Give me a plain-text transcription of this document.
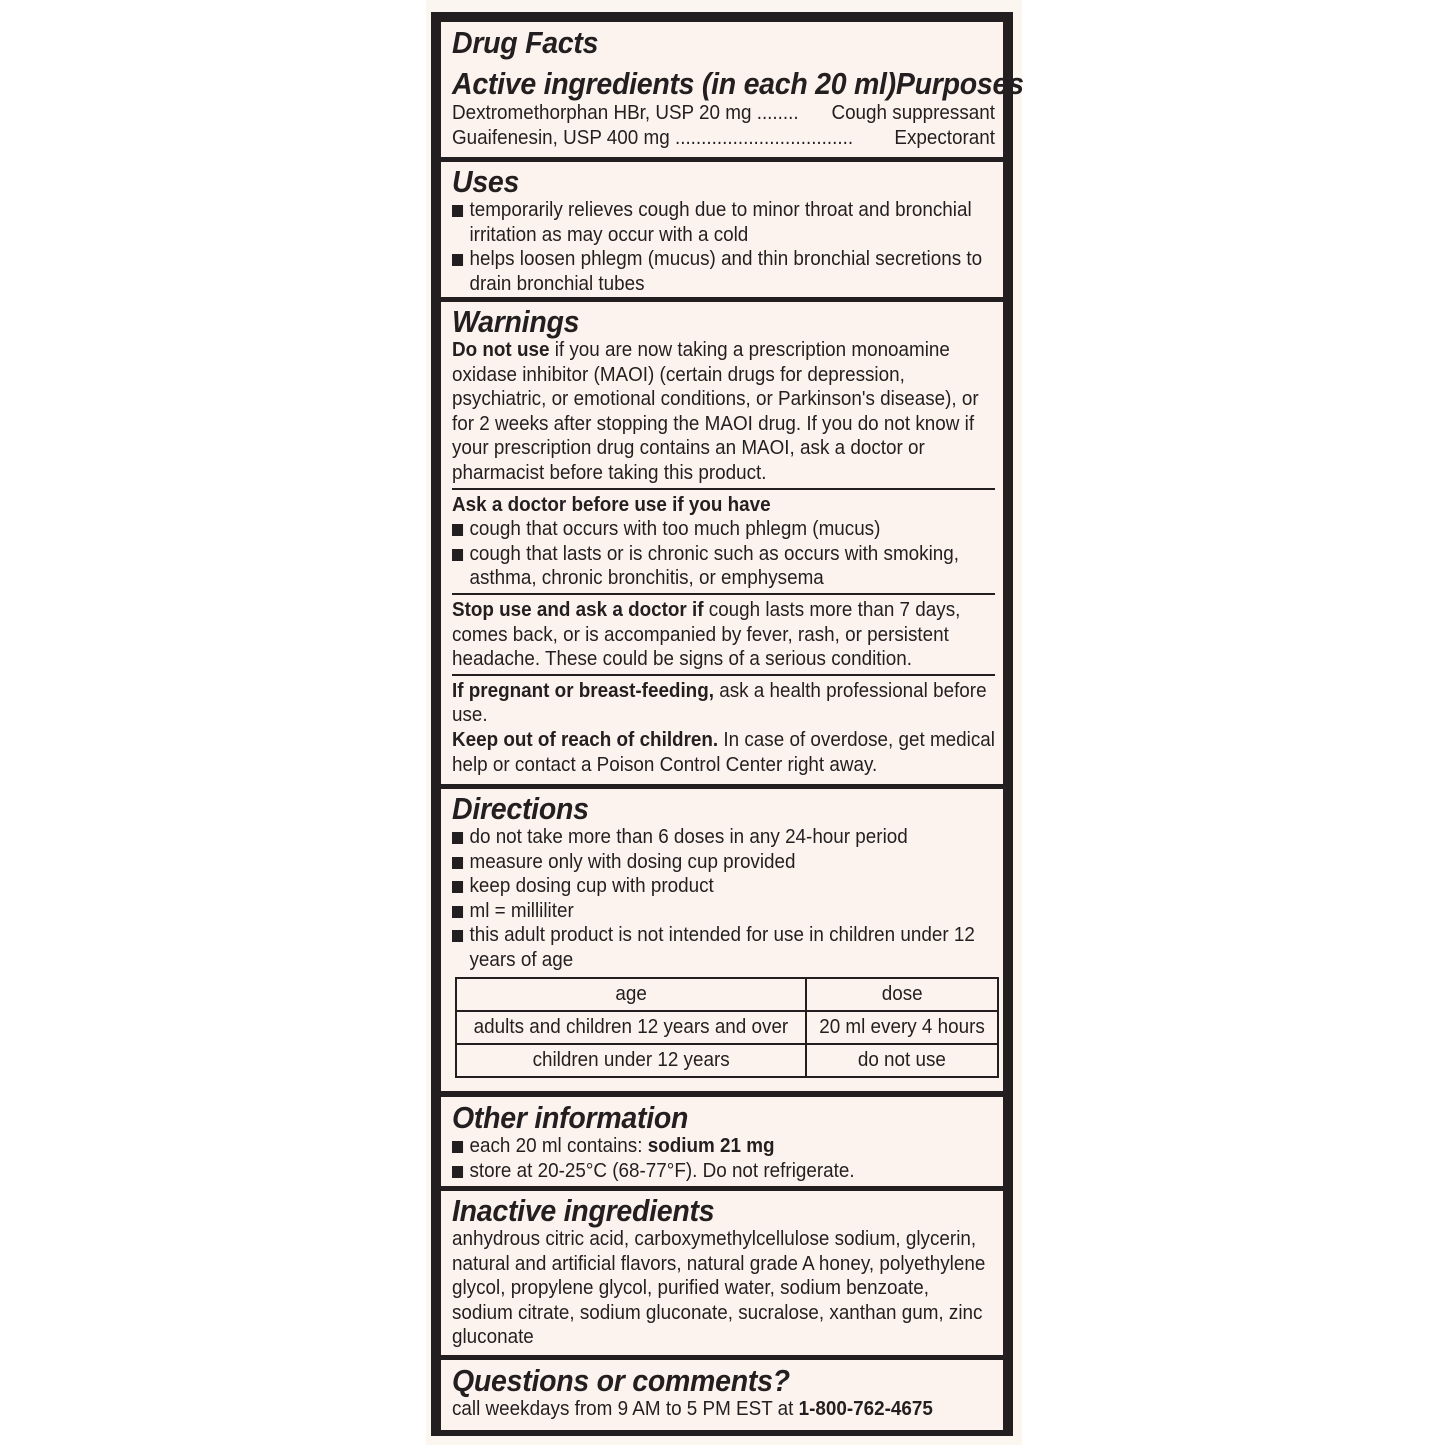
Drug Facts
Active ingredients (in each 20 ml) Purposes
Dextromethorphan HBr, USP 20 mg ........ Cough suppressant
Guaifenesin, USP 400 mg .................................. Expectorant
Uses
temporarily relieves cough due to minor throat and bronchial irritation as may occur with a cold
helps loosen phlegm (mucus) and thin bronchial secretions to drain bronchial tubes
Warnings
Do not use if you are now taking a prescription monoamine oxidase inhibitor (MAOI) (certain drugs for depression, psychiatric, or emotional conditions, or Parkinson's disease), or for 2 weeks after stopping the MAOI drug. If you do not know if your prescription drug contains an MAOI, ask a doctor or pharmacist before taking this product.
Ask a doctor before use if you have
cough that occurs with too much phlegm (mucus)
cough that lasts or is chronic such as occurs with smoking, asthma, chronic bronchitis, or emphysema
Stop use and ask a doctor if cough lasts more than 7 days, comes back, or is accompanied by fever, rash, or persistent headache. These could be signs of a serious condition.
If pregnant or breast-feeding, ask a health professional before use.
Keep out of reach of children. In case of overdose, get medical help or contact a Poison Control Center right away.
Directions
do not take more than 6 doses in any 24-hour period
measure only with dosing cup provided
keep dosing cup with product
ml = milliliter
this adult product is not intended for use in children under 12 years of age
age	dose
adults and children 12 years and over	20 ml every 4 hours
children under 12 years	do not use
Other information
each 20 ml contains: sodium 21 mg
store at 20-25°C (68-77°F). Do not refrigerate.
Inactive ingredients
anhydrous citric acid, carboxymethylcellulose sodium, glycerin, natural and artificial flavors, natural grade A honey, polyethylene glycol, propylene glycol, purified water, sodium benzoate, sodium citrate, sodium gluconate, sucralose, xanthan gum, zinc gluconate
Questions or comments?
call weekdays from 9 AM to 5 PM EST at 1-800-762-4675
